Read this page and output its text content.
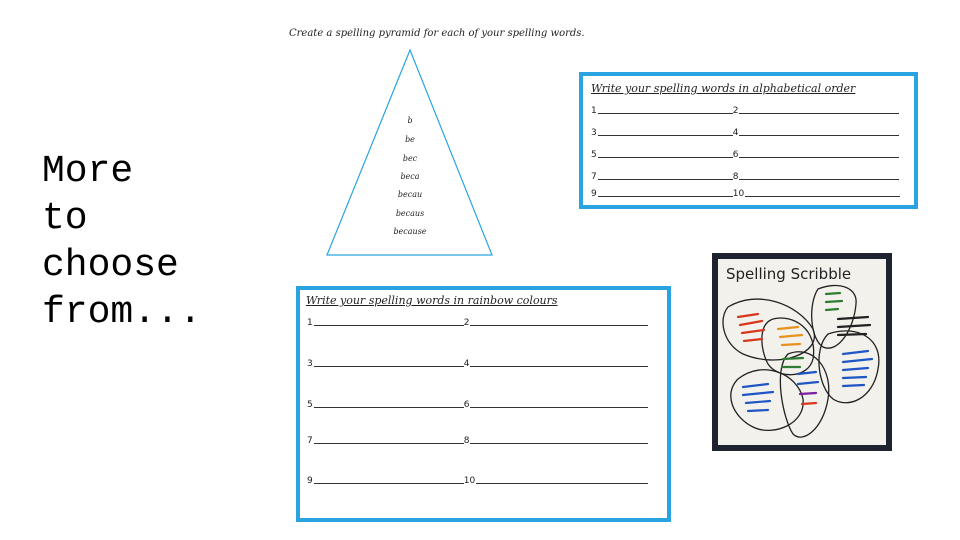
More
to
choose
from...
Create a spelling pyramid for each of your spelling words.
b
be
bec
beca
becau
becaus
because
Write your spelling words in alphabetical order
1	2
3	4
5	6
7	8
9	10
Write your spelling words in rainbow colours
1	2
3	4
5	6
7	8
9	10
Spelling Scribble
